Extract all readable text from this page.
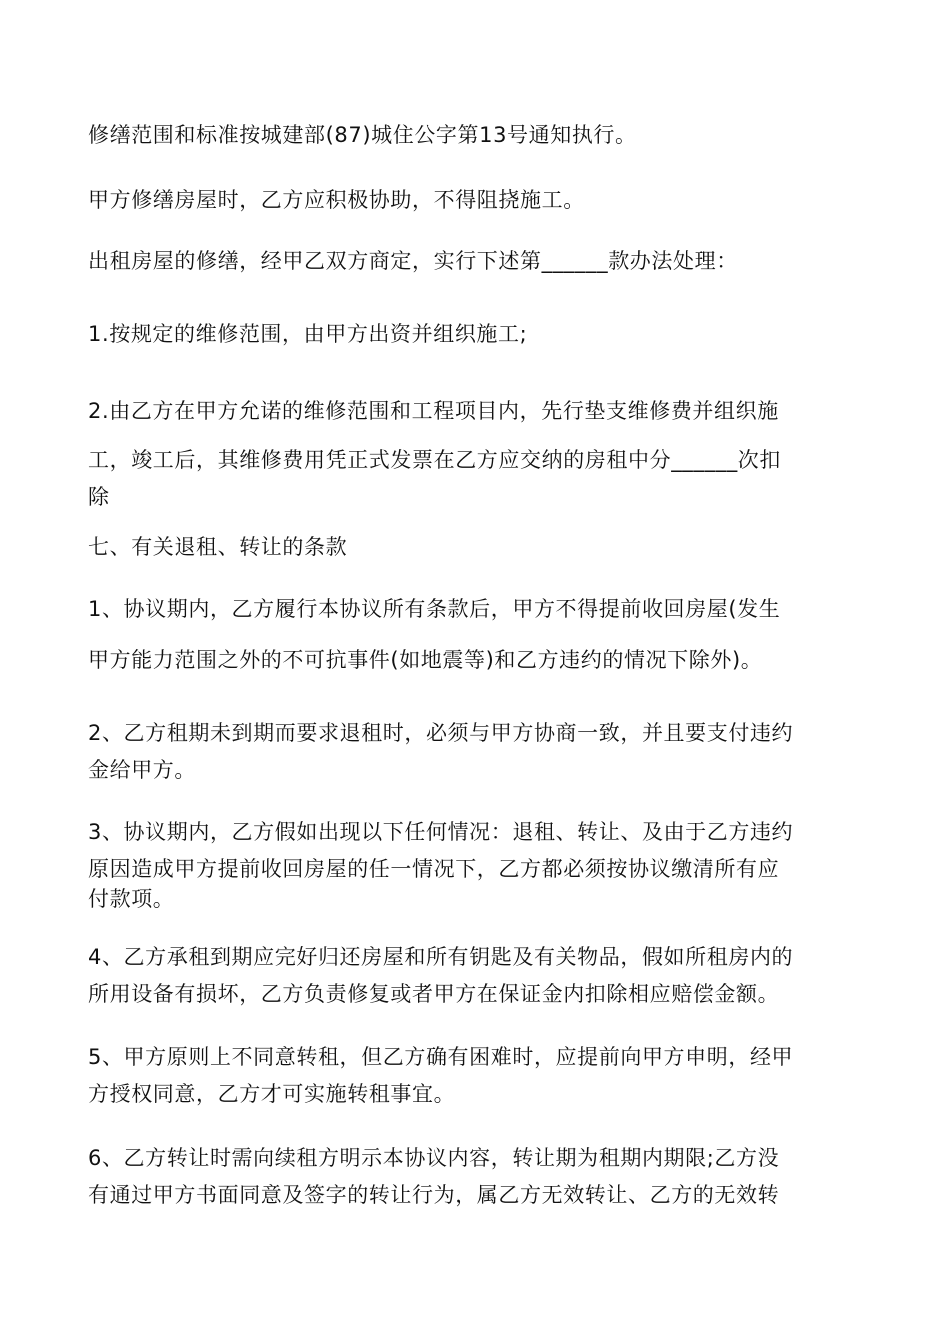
修缮范围和标准按城建部(87)城住公字第13号通知执行。
甲方修缮房屋时，乙方应积极协助，不得阻挠施工。
出租房屋的修缮，经甲乙双方商定，实行下述第______款办法处理：
1.按规定的维修范围，由甲方出资并组织施工;
2.由乙方在甲方允诺的维修范围和工程项目内，先行垫支维修费并组织施
工，竣工后，其维修费用凭正式发票在乙方应交纳的房租中分______次扣
除
七、有关退租、转让的条款
1、协议期内，乙方履行本协议所有条款后，甲方不得提前收回房屋(发生
甲方能力范围之外的不可抗事件(如地震等)和乙方违约的情况下除外)。
2、乙方租期未到期而要求退租时，必须与甲方协商一致，并且要支付违约
金给甲方。
3、协议期内，乙方假如出现以下任何情况：退租、转让、及由于乙方违约
原因造成甲方提前收回房屋的任一情况下，乙方都必须按协议缴清所有应
付款项。
4、乙方承租到期应完好归还房屋和所有钥匙及有关物品，假如所租房内的
所用设备有损坏，乙方负责修复或者甲方在保证金内扣除相应赔偿金额。
5、甲方原则上不同意转租，但乙方确有困难时，应提前向甲方申明，经甲
方授权同意，乙方才可实施转租事宜。
6、乙方转让时需向续租方明示本协议内容，转让期为租期内期限;乙方没
有通过甲方书面同意及签字的转让行为，属乙方无效转让、乙方的无效转
